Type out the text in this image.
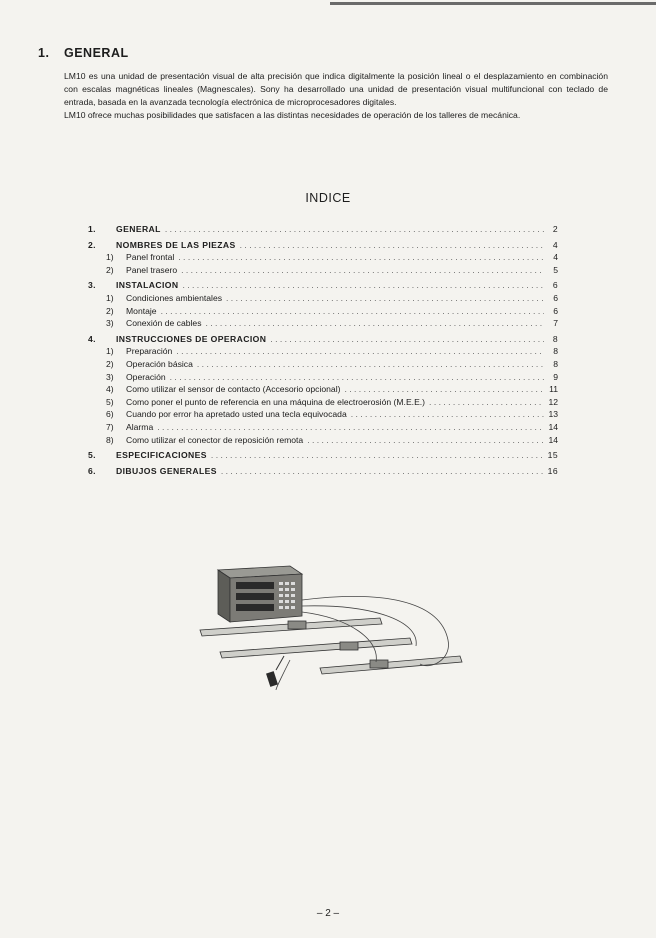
1. GENERAL

LM10 es una unidad de presentación visual de alta precisión que indica digitalmente la posición lineal o el desplazamiento en combinación con escalas magnéticas lineales (Magnescales). Sony ha desarrollado una unidad de presentación visual multifuncional con teclado de entrada, basada en la avanzada tecnología electrónica de microprocesadores digitales.

LM10 ofrece muchas posibilidades que satisfacen a las distintas necesidades de operación de los talleres de mecánica.

INDICE
1.	GENERAL . . .	2
2.	NOMBRES DE LAS PIEZAS . . .	4
1)	Panel frontal . . .	4
2)	Panel trasero . . .	5
3.	INSTALACION . . .	6
1)	Condiciones ambientales . . .	6
2)	Montaje . . .	6
3)	Conexión de cables . . .	7
4.	INSTRUCCIONES DE OPERACION . . .	8
1)	Preparación . . .	8
2)	Operación básica . . .	8
3)	Operación . . .	9
4)	Como utilizar el sensor de contacto (Accesorio opcional) . . .	11
5)	Como poner el punto de referencia en una máquina de electroerosión (M.E.E.) . . .	12
6)	Cuando por error ha apretado usted una tecla equivocada . . .	13
7)	Alarma . . .	14
8)	Como utilizar el conector de reposición remota . . .	14
5.	ESPECIFICACIONES . . .	15
6.	DIBUJOS GENERALES . . .	16
– 2 –
